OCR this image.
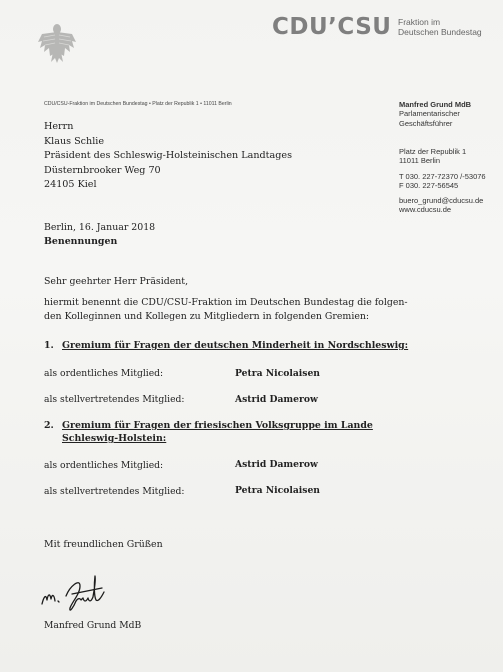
CDU’CSU Fraktion im
Deutschen Bundestag
CDU/CSU-Fraktion im Deutschen Bundestag • Platz der Republik 1 • 11011 Berlin	Manfred Grund MdB
Parlamentarischer
Geschäftsführer
Platz der Republik 1
11011 Berlin
T 030. 227-72370 /-53076
F 030. 227-56545
buero_grund@cducsu.de
www.cducsu.de
Herrn
Klaus Schlie
Präsident des Schleswig-Holsteinischen Landtages
Düsternbrooker Weg 70
24105 Kiel
Berlin, 16. Januar 2018
Benennungen
Sehr geehrter Herr Präsident,
hiermit benennt die CDU/CSU-Fraktion im Deutschen Bundestag die folgen-
den Kolleginnen und Kollegen zu Mitgliedern in folgenden Gremien:
1. Gremium für Fragen der deutschen Minderheit in Nordschleswig:
als ordentliches Mitglied:	Petra Nicolaisen
als stellvertretendes Mitglied:	Astrid Damerow
2. Gremium für Fragen der friesischen Volksgruppe im Lande
Schleswig-Holstein:
als ordentliches Mitglied:	Astrid Damerow
als stellvertretendes Mitglied:	Petra Nicolaisen
Mit freundlichen Grüßen
Manfred Grund MdB
